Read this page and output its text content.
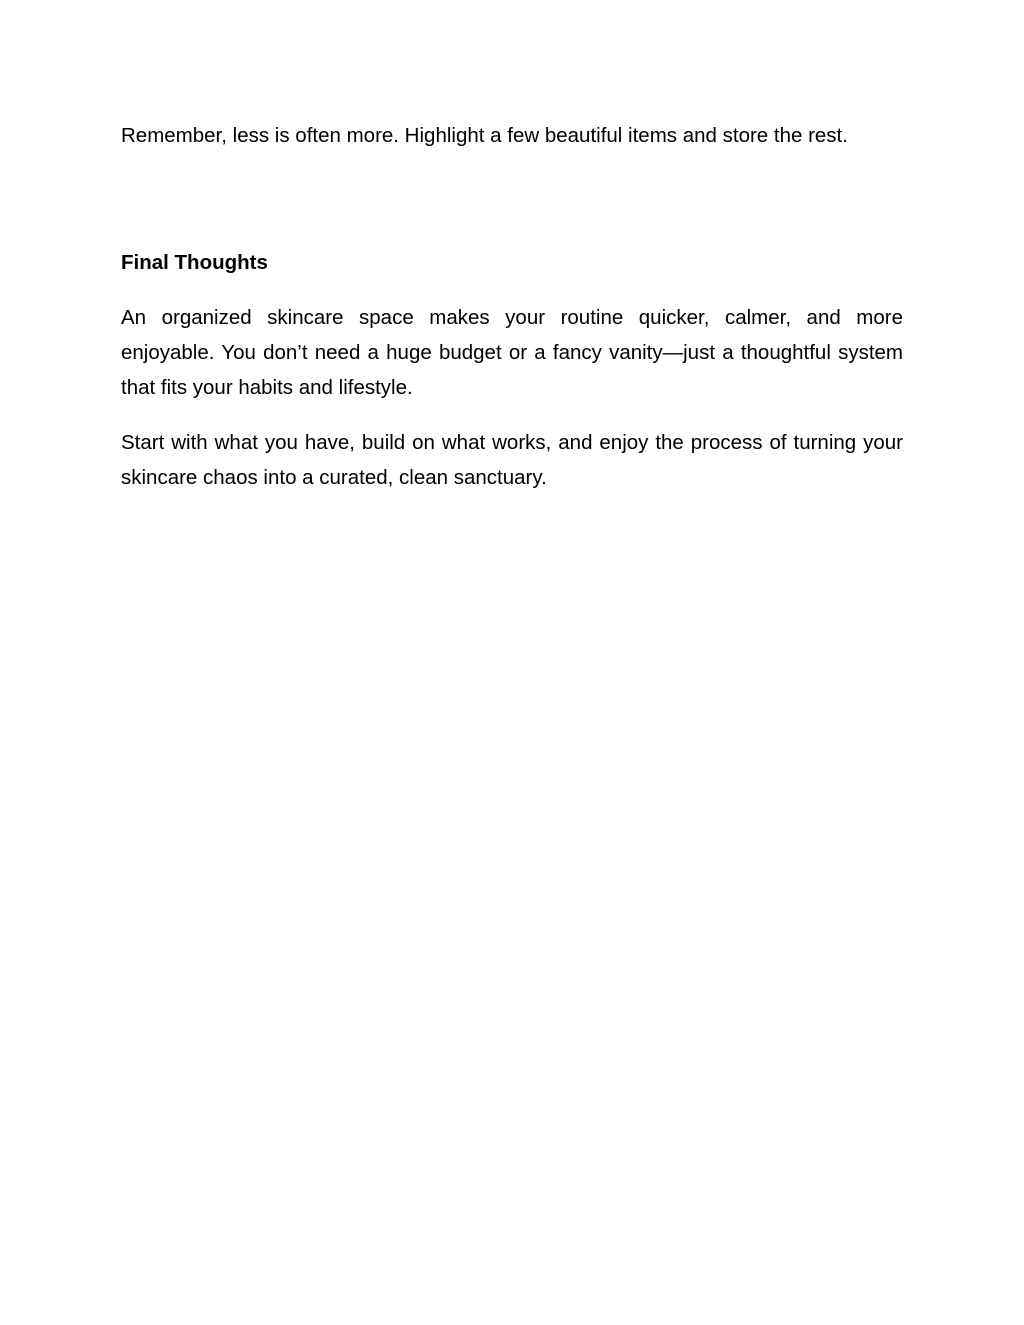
Remember, less is often more. Highlight a few beautiful items and store the rest.

Final Thoughts

An organized skincare space makes your routine quicker, calmer, and more enjoyable. You don’t need a huge budget or a fancy vanity—just a thoughtful system that fits your habits and lifestyle.

Start with what you have, build on what works, and enjoy the process of turning your skincare chaos into a curated, clean sanctuary.
